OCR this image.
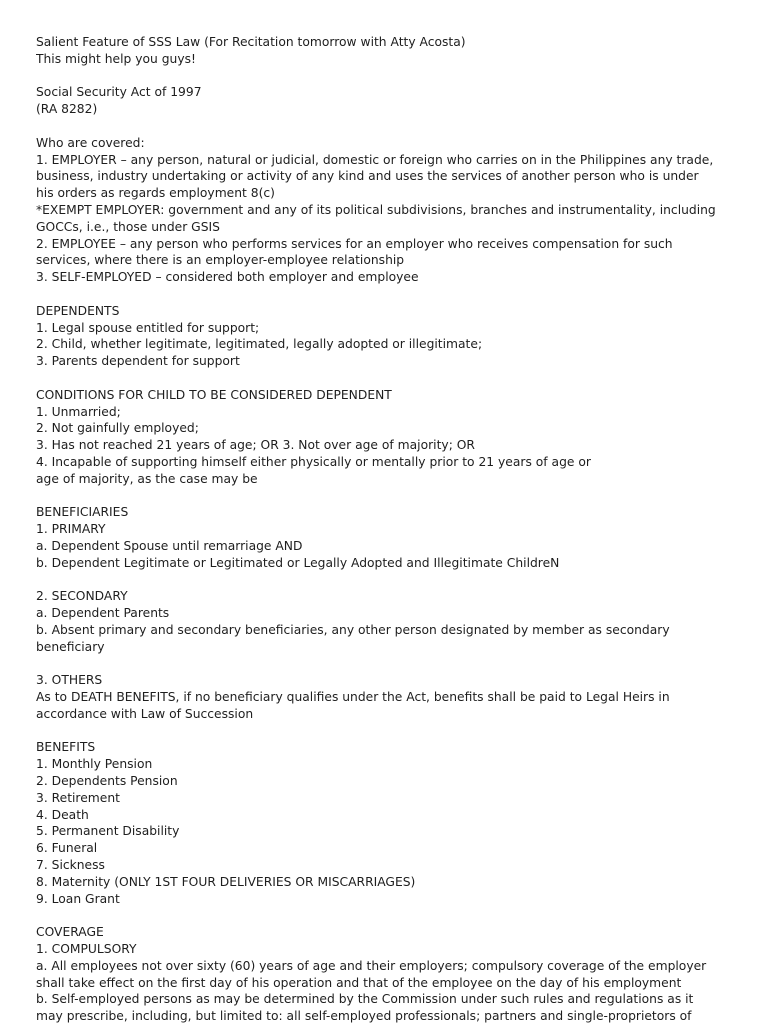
Salient Feature of SSS Law (For Recitation tomorrow with Atty Acosta)
This might help you guys!
Social Security Act of 1997
(RA 8282)
Who are covered:
1. EMPLOYER – any person, natural or judicial, domestic or foreign who carries on in the Philippines any trade,
business, industry undertaking or activity of any kind and uses the services of another person who is under
his orders as regards employment 8(c)
*EXEMPT EMPLOYER: government and any of its political subdivisions, branches and instrumentality, including
GOCCs, i.e., those under GSIS
2. EMPLOYEE – any person who performs services for an employer who receives compensation for such
services, where there is an employer-employee relationship
3. SELF-EMPLOYED – considered both employer and employee
DEPENDENTS
1. Legal spouse entitled for support;
2. Child, whether legitimate, legitimated, legally adopted or illegitimate;
3. Parents dependent for support
CONDITIONS FOR CHILD TO BE CONSIDERED DEPENDENT
1. Unmarried;
2. Not gainfully employed;
3. Has not reached 21 years of age; OR 3. Not over age of majority; OR
4. Incapable of supporting himself either physically or mentally prior to 21 years of age or
age of majority, as the case may be
BENEFICIARIES
1. PRIMARY
a. Dependent Spouse until remarriage AND
b. Dependent Legitimate or Legitimated or Legally Adopted and Illegitimate ChildreN
2. SECONDARY
a. Dependent Parents
b. Absent primary and secondary beneficiaries, any other person designated by member as secondary
beneficiary
3. OTHERS
As to DEATH BENEFITS, if no beneficiary qualifies under the Act, benefits shall be paid to Legal Heirs in
accordance with Law of Succession
BENEFITS
1. Monthly Pension
2. Dependents Pension
3. Retirement
4. Death
5. Permanent Disability
6. Funeral
7. Sickness
8. Maternity (ONLY 1ST FOUR DELIVERIES OR MISCARRIAGES)
9. Loan Grant
COVERAGE
1. COMPULSORY
a. All employees not over sixty (60) years of age and their employers; compulsory coverage of the employer
shall take effect on the first day of his operation and that of the employee on the day of his employment
b. Self-employed persons as may be determined by the Commission under such rules and regulations as it
may prescribe, including, but limited to: all self-employed professionals; partners and single-proprietors of
